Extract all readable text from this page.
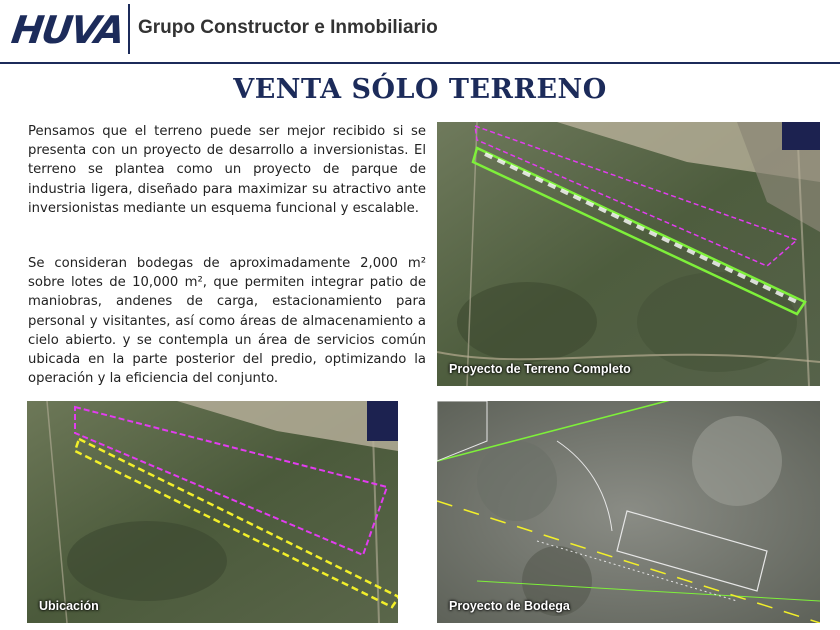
HUVA Grupo Constructor e Inmobiliario
VENTA SÓLO TERRENO

Pensamos que el terreno puede ser mejor recibido si se presenta con un proyecto de desarrollo a inversionistas. El terreno se plantea como un proyecto de parque de industria ligera, diseñado para maximizar su atractivo ante inversionistas mediante un esquema funcional y escalable.

Se consideran bodegas de aproximadamente 2,000 m² sobre lotes de 10,000 m², que permiten integrar patio de maniobras, andenes de carga, estacionamiento para personal y visitantes, así como áreas de almacenamiento a cielo abierto. y se contempla un área de servicios común ubicada en la parte posterior del predio, optimizando la operación y la eficiencia del conjunto.

Proyecto de Terreno Completo
Ubicación	Proyecto de Bodega
